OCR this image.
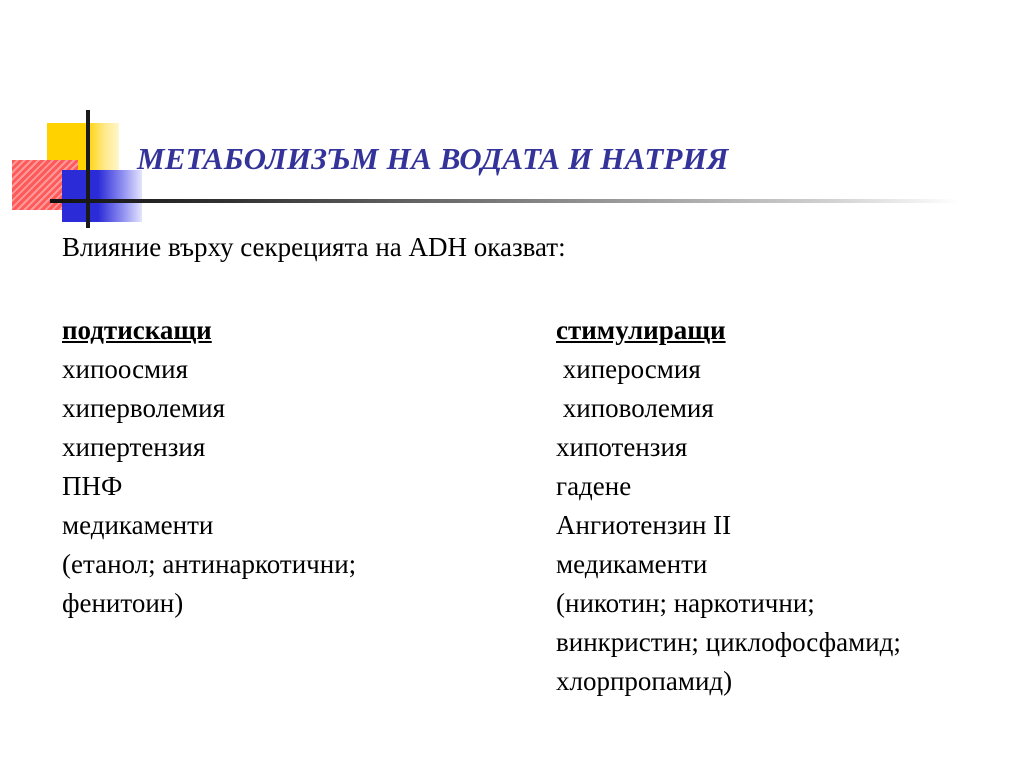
МЕТАБОЛИЗЪМ НА ВОДАТА И НАТРИЯ
Влияние върху секрецията на ADH оказват:
подтискащи
хипоосмия
хиперволемия
хипертензия
ПНФ
медикаменти
(етанол; антинаркотични;
фенитоин)
стимулиращи
хиперосмия
хиповолемия
хипотензия
гадене
Ангиотензин II
медикаменти
(никотин; наркотични;
винкристин; циклофосфамид;
хлорпропамид)
